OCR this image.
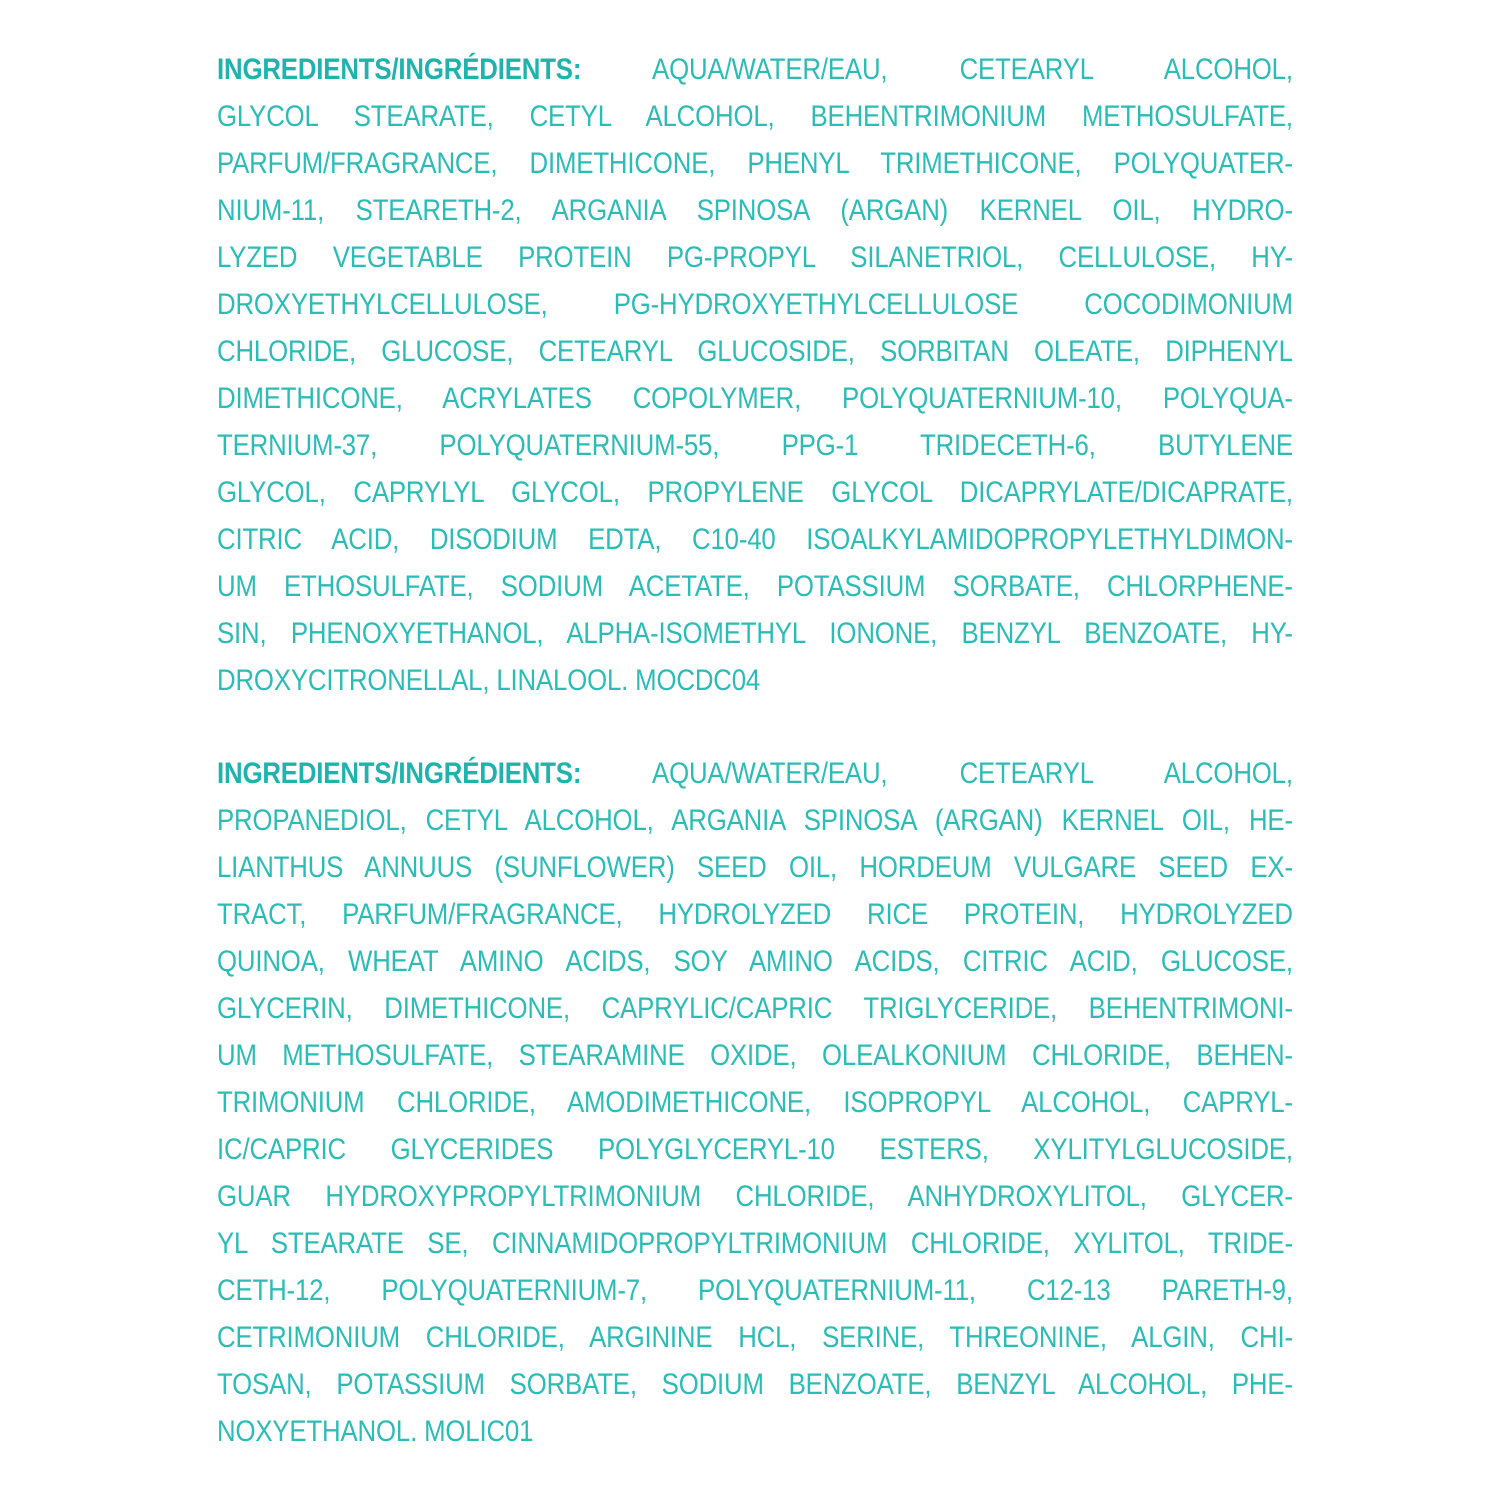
INGREDIENTS/INGRÉDIENTS: AQUA/WATER/EAU, CETEARYL ALCOHOL,
GLYCOL STEARATE, CETYL ALCOHOL, BEHENTRIMONIUM METHOSULFATE,
PARFUM/FRAGRANCE, DIMETHICONE, PHENYL TRIMETHICONE, POLYQUATER-
NIUM-11, STEARETH-2, ARGANIA SPINOSA (ARGAN) KERNEL OIL, HYDRO-
LYZED VEGETABLE PROTEIN PG-PROPYL SILANETRIOL, CELLULOSE, HY-
DROXYETHYLCELLULOSE, PG-HYDROXYETHYLCELLULOSE COCODIMONIUM
CHLORIDE, GLUCOSE, CETEARYL GLUCOSIDE, SORBITAN OLEATE, DIPHENYL
DIMETHICONE, ACRYLATES COPOLYMER, POLYQUATERNIUM-10, POLYQUA-
TERNIUM-37, POLYQUATERNIUM-55, PPG-1 TRIDECETH-6, BUTYLENE
GLYCOL, CAPRYLYL GLYCOL, PROPYLENE GLYCOL DICAPRYLATE/DICAPRATE,
CITRIC ACID, DISODIUM EDTA, C10-40 ISOALKYLAMIDOPROPYLETHYLDIMON-
UM ETHOSULFATE, SODIUM ACETATE, POTASSIUM SORBATE, CHLORPHENE-
SIN, PHENOXYETHANOL, ALPHA-ISOMETHYL IONONE, BENZYL BENZOATE, HY-
DROXYCITRONELLAL, LINALOOL. MOCDC04
INGREDIENTS/INGRÉDIENTS: AQUA/WATER/EAU, CETEARYL ALCOHOL,
PROPANEDIOL, CETYL ALCOHOL, ARGANIA SPINOSA (ARGAN) KERNEL OIL, HE-
LIANTHUS ANNUUS (SUNFLOWER) SEED OIL, HORDEUM VULGARE SEED EX-
TRACT, PARFUM/FRAGRANCE, HYDROLYZED RICE PROTEIN, HYDROLYZED
QUINOA, WHEAT AMINO ACIDS, SOY AMINO ACIDS, CITRIC ACID, GLUCOSE,
GLYCERIN, DIMETHICONE, CAPRYLIC/CAPRIC TRIGLYCERIDE, BEHENTRIMONI-
UM METHOSULFATE, STEARAMINE OXIDE, OLEALKONIUM CHLORIDE, BEHEN-
TRIMONIUM CHLORIDE, AMODIMETHICONE, ISOPROPYL ALCOHOL, CAPRYL-
IC/CAPRIC GLYCERIDES POLYGLYCERYL-10 ESTERS, XYLITYLGLUCOSIDE,
GUAR HYDROXYPROPYLTRIMONIUM CHLORIDE, ANHYDROXYLITOL, GLYCER-
YL STEARATE SE, CINNAMIDOPROPYLTRIMONIUM CHLORIDE, XYLITOL, TRIDE-
CETH-12, POLYQUATERNIUM-7, POLYQUATERNIUM-11, C12-13 PARETH-9,
CETRIMONIUM CHLORIDE, ARGININE HCL, SERINE, THREONINE, ALGIN, CHI-
TOSAN, POTASSIUM SORBATE, SODIUM BENZOATE, BENZYL ALCOHOL, PHE-
NOXYETHANOL. MOLIC01
